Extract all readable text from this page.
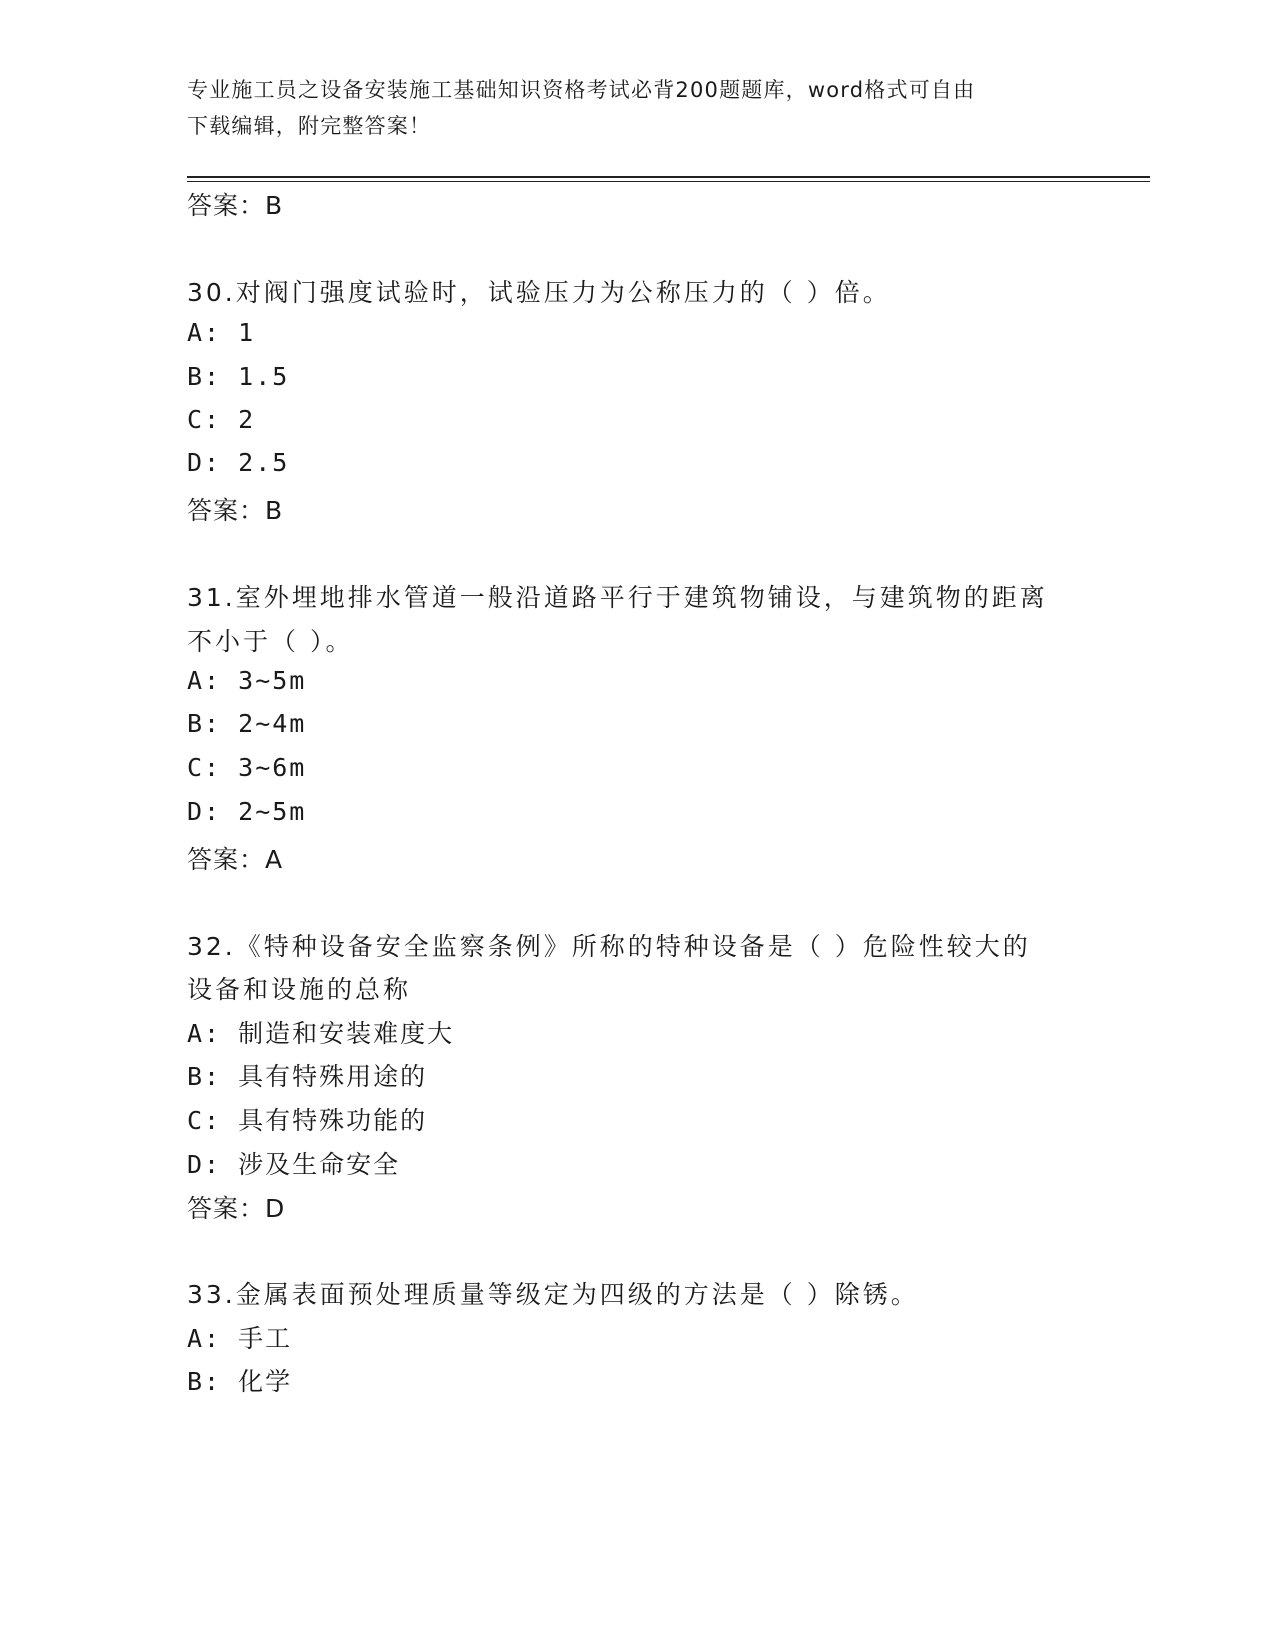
专业施工员之设备安装施工基础知识资格考试必背200题题库，word格式可自由
下载编辑，附完整答案！
答案：B
30.对阀门强度试验时，试验压力为公称压力的（ ）倍。
A: 1
B: 1.5
C: 2
D: 2.5
答案：B
31.室外埋地排水管道一般沿道路平行于建筑物铺设，与建筑物的距离
不小于（ ）。
A: 3~5m
B: 2~4m
C: 3~6m
D: 2~5m
答案：A
32.《特种设备安全监察条例》所称的特种设备是（ ）危险性较大的
设备和设施的总称
A: 制造和安装难度大
B: 具有特殊用途的
C: 具有特殊功能的
D: 涉及生命安全
答案：D
33.金属表面预处理质量等级定为四级的方法是（ ）除锈。
A: 手工
B: 化学
